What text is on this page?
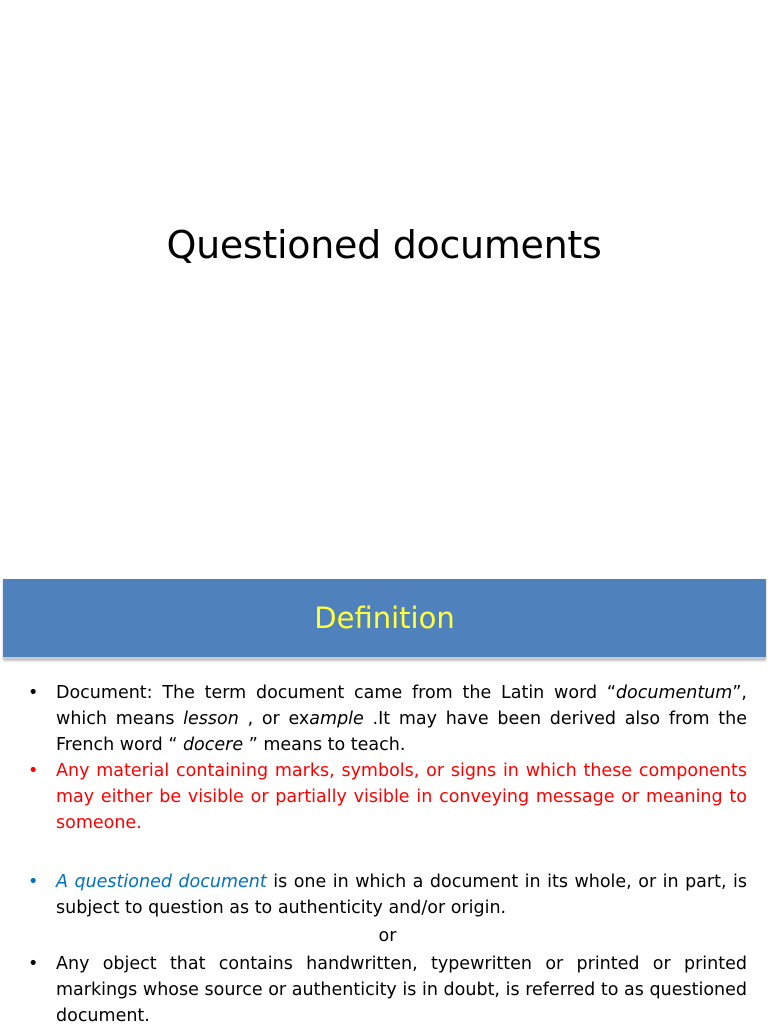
Questioned documents
Definition
• Document: The term document came from the Latin word “documentum”, which means lesson , or example .It may have been derived also from the French word “ docere ” means to teach.
• Any material containing marks, symbols, or signs in which these components may either be visible or partially visible in conveying message or meaning to someone.
• A questioned document is one in which a document in its whole, or in part, is subject to question as to authenticity and/or origin.
or
• Any object that contains handwritten, typewritten or printed or printed markings whose source or authenticity is in doubt, is referred to as questioned document.
